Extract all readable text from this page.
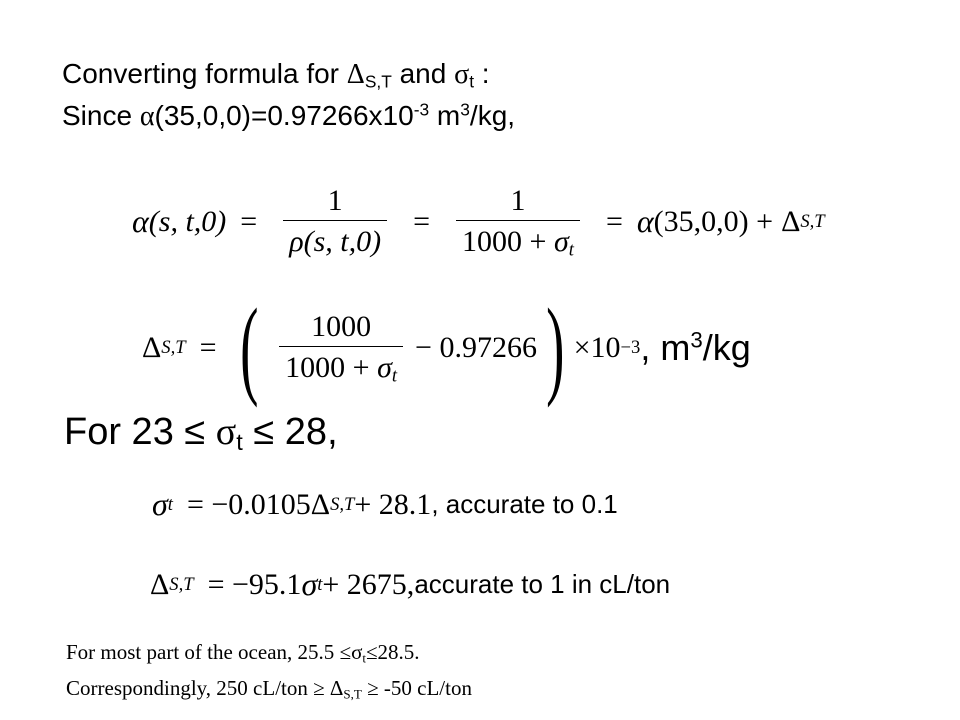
Converting formula for $\Delta_{S,T}$ and $\sigma_t$ :
Since $\alpha(35,0,0)=0.97266x10^{-3}$ $m^3/kg$,
α (s, $t,0) = \frac{1}{\rho(s, t,0)} = \frac{1}{1000 + \sigma_t} = \alpha$ (35,0,0) + Δ S,T
Δ S,T = ( $\frac{1000}{1000 + \sigma_t} - 0.97266$ ) ×10 −3 , $m^3/kg$
For $23 \le \sigma_t \le 28$,
σ t = −0.0105 Δ S,T + 28.1 , accurate to 0.1
Δ S,T = −95.1 σ t + 2675, accurate to 1 in cL/ton
For most part of the ocean, $25.5 \le\sigma_t\le 28.5$.
Correspondingly, 250 $cL/ton \ge \Delta_{S,T} \ge -50$ cL/ton
